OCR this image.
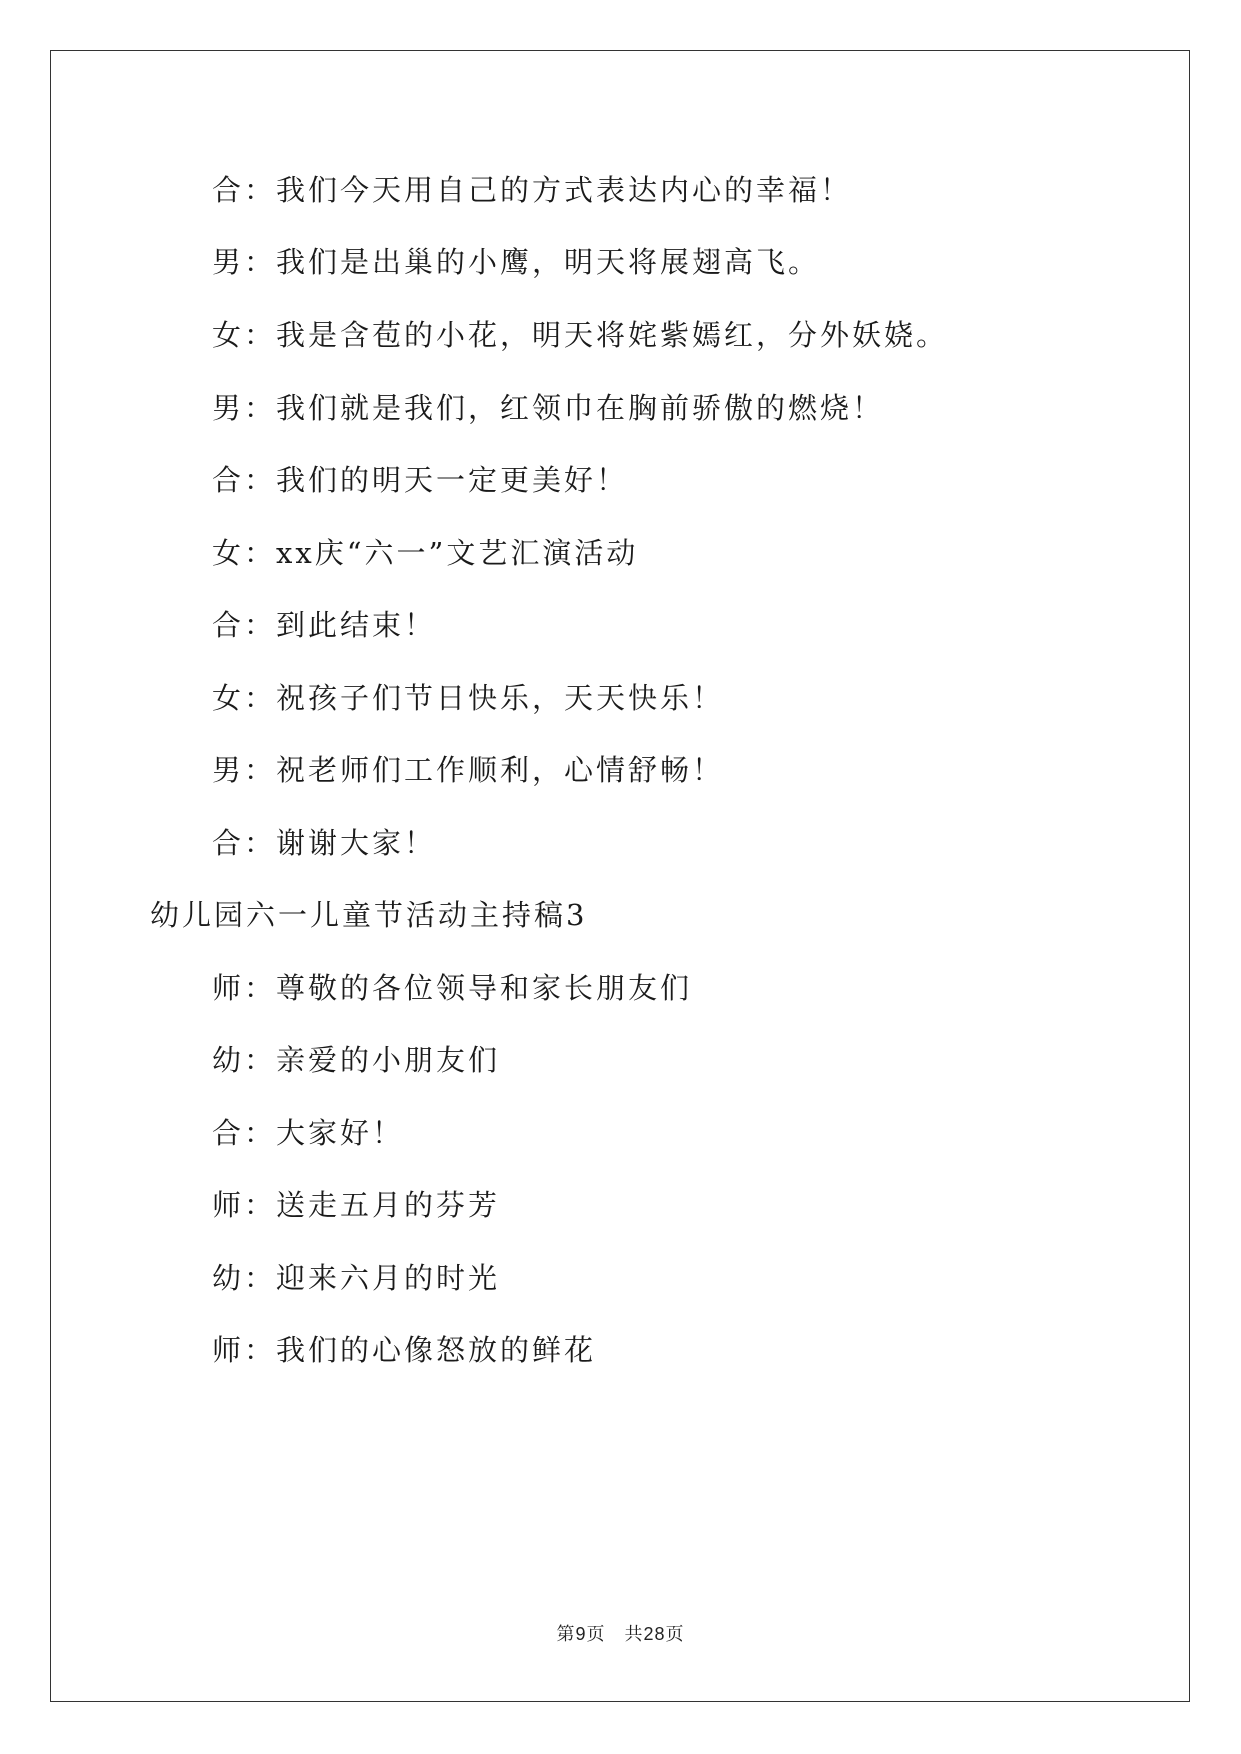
合：我们今天用自己的方式表达内心的幸福！
男：我们是出巢的小鹰，明天将展翅高飞。
女：我是含苞的小花，明天将姹紫嫣红，分外妖娆。
男：我们就是我们，红领巾在胸前骄傲的燃烧！
合：我们的明天一定更美好！
女：xx庆“六一”文艺汇演活动
合：到此结束！
女：祝孩子们节日快乐，天天快乐！
男：祝老师们工作顺利，心情舒畅！
合：谢谢大家！
幼儿园六一儿童节活动主持稿3
师：尊敬的各位领导和家长朋友们
幼：亲爱的小朋友们
合：大家好！
师：送走五月的芬芳
幼：迎来六月的时光
师：我们的心像怒放的鲜花
第9页　共28页
